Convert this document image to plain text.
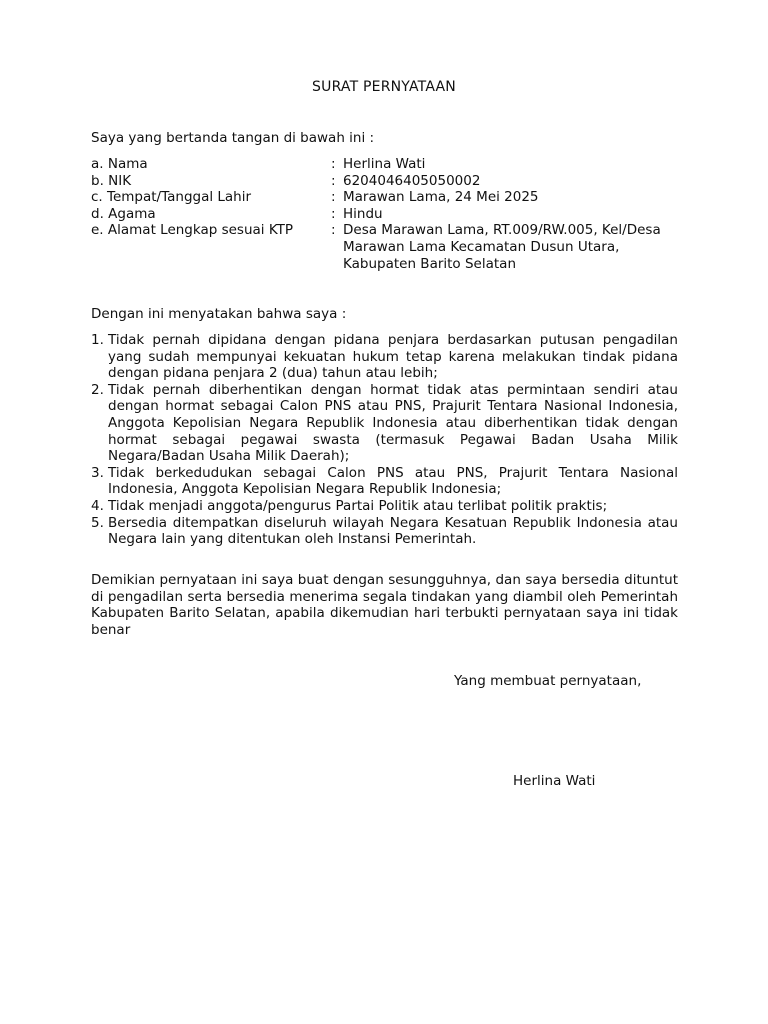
SURAT PERNYATAAN
Saya yang bertanda tangan di bawah ini :
a. Nama	: Herlina Wati
b. NIK	: 6204046405050002
c. Tempat/Tanggal Lahir	: Marawan Lama, 24 Mei 2025
d. Agama	: Hindu
e. Alamat Lengkap sesuai KTP	: Desa Marawan Lama, RT.009/RW.005, Kel/Desa Marawan Lama Kecamatan Dusun Utara, Kabupaten Barito Selatan
Dengan ini menyatakan bahwa saya :
1. Tidak pernah dipidana dengan pidana penjara berdasarkan putusan pengadilan yang sudah mempunyai kekuatan hukum tetap karena melakukan tindak pidana dengan pidana penjara 2 (dua) tahun atau lebih;
2. Tidak pernah diberhentikan dengan hormat tidak atas permintaan sendiri atau dengan hormat sebagai Calon PNS atau PNS, Prajurit Tentara Nasional Indonesia, Anggota Kepolisian Negara Republik Indonesia atau diberhentikan tidak dengan hormat sebagai pegawai swasta (termasuk Pegawai Badan Usaha Milik Negara/Badan Usaha Milik Daerah);
3. Tidak berkedudukan sebagai Calon PNS atau PNS, Prajurit Tentara Nasional Indonesia, Anggota Kepolisian Negara Republik Indonesia;
4. Tidak menjadi anggota/pengurus Partai Politik atau terlibat politik praktis;
5. Bersedia ditempatkan diseluruh wilayah Negara Kesatuan Republik Indonesia atau Negara lain yang ditentukan oleh Instansi Pemerintah.

Demikian pernyataan ini saya buat dengan sesungguhnya, dan saya bersedia dituntut di pengadilan serta bersedia menerima segala tindakan yang diambil oleh Pemerintah Kabupaten Barito Selatan, apabila dikemudian hari terbukti pernyataan saya ini tidak benar

Yang membuat pernyataan,
Herlina Wati
